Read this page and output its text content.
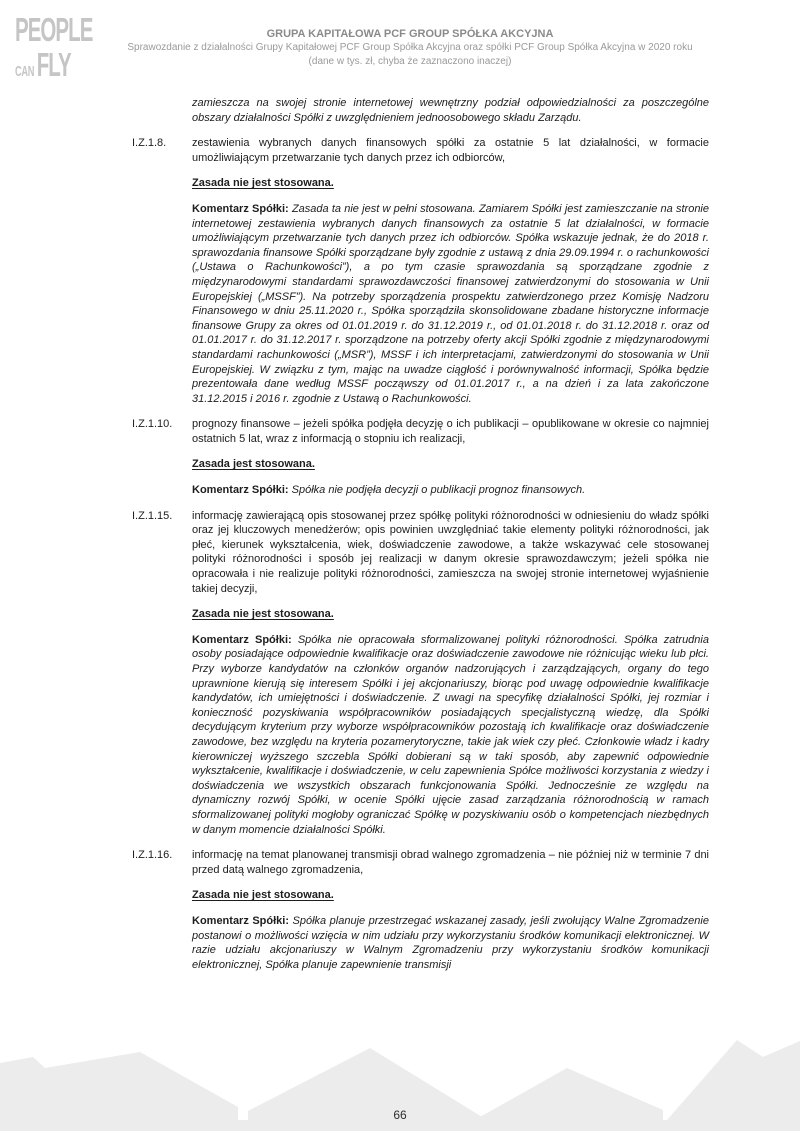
PEOPLE
CAN FLY
GRUPA KAPITAŁOWA PCF GROUP SPÓŁKA AKCYJNA
Sprawozdanie z działalności Grupy Kapitałowej PCF Group Spółka Akcyjna oraz spółki PCF Group Spółka Akcyjna w 2020 roku
(dane w tys. zł, chyba że zaznaczono inaczej)
zamieszcza na swojej stronie internetowej wewnętrzny podział odpowiedzialności za poszczególne obszary działalności Spółki z uwzględnieniem jednoosobowego składu Zarządu.
I.Z.1.8.	zestawienia wybranych danych finansowych spółki za ostatnie 5 lat działalności, w formacie umożliwiającym przetwarzanie tych danych przez ich odbiorców,
Zasada nie jest stosowana.
Komentarz Spółki: Zasada ta nie jest w pełni stosowana. Zamiarem Spółki jest zamieszczanie na stronie internetowej zestawienia wybranych danych finansowych za ostatnie 5 lat działalności, w formacie umożliwiającym przetwarzanie tych danych przez ich odbiorców. Spółka wskazuje jednak, że do 2018 r. sprawozdania finansowe Spółki sporządzane były zgodnie z ustawą z dnia 29.09.1994 r. o rachunkowości („Ustawa o Rachunkowości”), a po tym czasie sprawozdania są sporządzane zgodnie z międzynarodowymi standardami sprawozdawczości finansowej zatwierdzonymi do stosowania w Unii Europejskiej („MSSF”). Na potrzeby sporządzenia prospektu zatwierdzonego przez Komisję Nadzoru Finansowego w dniu 25.11.2020 r., Spółka sporządziła skonsolidowane zbadane historyczne informacje finansowe Grupy za okres od 01.01.2019 r. do 31.12.2019 r., od 01.01.2018 r. do 31.12.2018 r. oraz od 01.01.2017 r. do 31.12.2017 r. sporządzone na potrzeby oferty akcji Spółki zgodnie z międzynarodowymi standardami rachunkowości („MSR”), MSSF i ich interpretacjami, zatwierdzonymi do stosowania w Unii Europejskiej. W związku z tym, mając na uwadze ciągłość i porównywalność informacji, Spółka będzie prezentowała dane według MSSF począwszy od 01.01.2017 r., a na dzień i za lata zakończone 31.12.2015 i 2016 r. zgodnie z Ustawą o Rachunkowości.
I.Z.1.10.	prognozy finansowe – jeżeli spółka podjęła decyzję o ich publikacji – opublikowane w okresie co najmniej ostatnich 5 lat, wraz z informacją o stopniu ich realizacji,
Zasada jest stosowana.
Komentarz Spółki: Spółka nie podjęła decyzji o publikacji prognoz finansowych.
I.Z.1.15.	informację zawierającą opis stosowanej przez spółkę polityki różnorodności w odniesieniu do władz spółki oraz jej kluczowych menedżerów; opis powinien uwzględniać takie elementy polityki różnorodności, jak płeć, kierunek wykształcenia, wiek, doświadczenie zawodowe, a także wskazywać cele stosowanej polityki różnorodności i sposób jej realizacji w danym okresie sprawozdawczym; jeżeli spółka nie opracowała i nie realizuje polityki różnorodności, zamieszcza na swojej stronie internetowej wyjaśnienie takiej decyzji,
Zasada nie jest stosowana.
Komentarz Spółki: Spółka nie opracowała sformalizowanej polityki różnorodności. Spółka zatrudnia osoby posiadające odpowiednie kwalifikacje oraz doświadczenie zawodowe nie różnicując wieku lub płci. Przy wyborze kandydatów na członków organów nadzorujących i zarządzających, organy do tego uprawnione kierują się interesem Spółki i jej akcjonariuszy, biorąc pod uwagę odpowiednie kwalifikacje kandydatów, ich umiejętności i doświadczenie. Z uwagi na specyfikę działalności Spółki, jej rozmiar i konieczność pozyskiwania współpracowników posiadających specjalistyczną wiedzę, dla Spółki decydującym kryterium przy wyborze współpracowników pozostają ich kwalifikacje oraz doświadczenie zawodowe, bez względu na kryteria pozamerytoryczne, takie jak wiek czy płeć. Członkowie władz i kadry kierowniczej wyższego szczebla Spółki dobierani są w taki sposób, aby zapewnić odpowiednie wykształcenie, kwalifikacje i doświadczenie, w celu zapewnienia Spółce możliwości korzystania z wiedzy i doświadczenia we wszystkich obszarach funkcjonowania Spółki. Jednocześnie ze względu na dynamiczny rozwój Spółki, w ocenie Spółki ujęcie zasad zarządzania różnorodnością w ramach sformalizowanej polityki mogłoby ograniczać Spółkę w pozyskiwaniu osób o kompetencjach niezbędnych w danym momencie działalności Spółki.
I.Z.1.16.	informację na temat planowanej transmisji obrad walnego zgromadzenia – nie później niż w terminie 7 dni przed datą walnego zgromadzenia,
Zasada nie jest stosowana.
Komentarz Spółki: Spółka planuje przestrzegać wskazanej zasady, jeśli zwołujący Walne Zgromadzenie postanowi o możliwości wzięcia w nim udziału przy wykorzystaniu środków komunikacji elektronicznej. W razie udziału akcjonariuszy w Walnym Zgromadzeniu przy wykorzystaniu środków komunikacji elektronicznej, Spółka planuje zapewnienie transmisji
66
